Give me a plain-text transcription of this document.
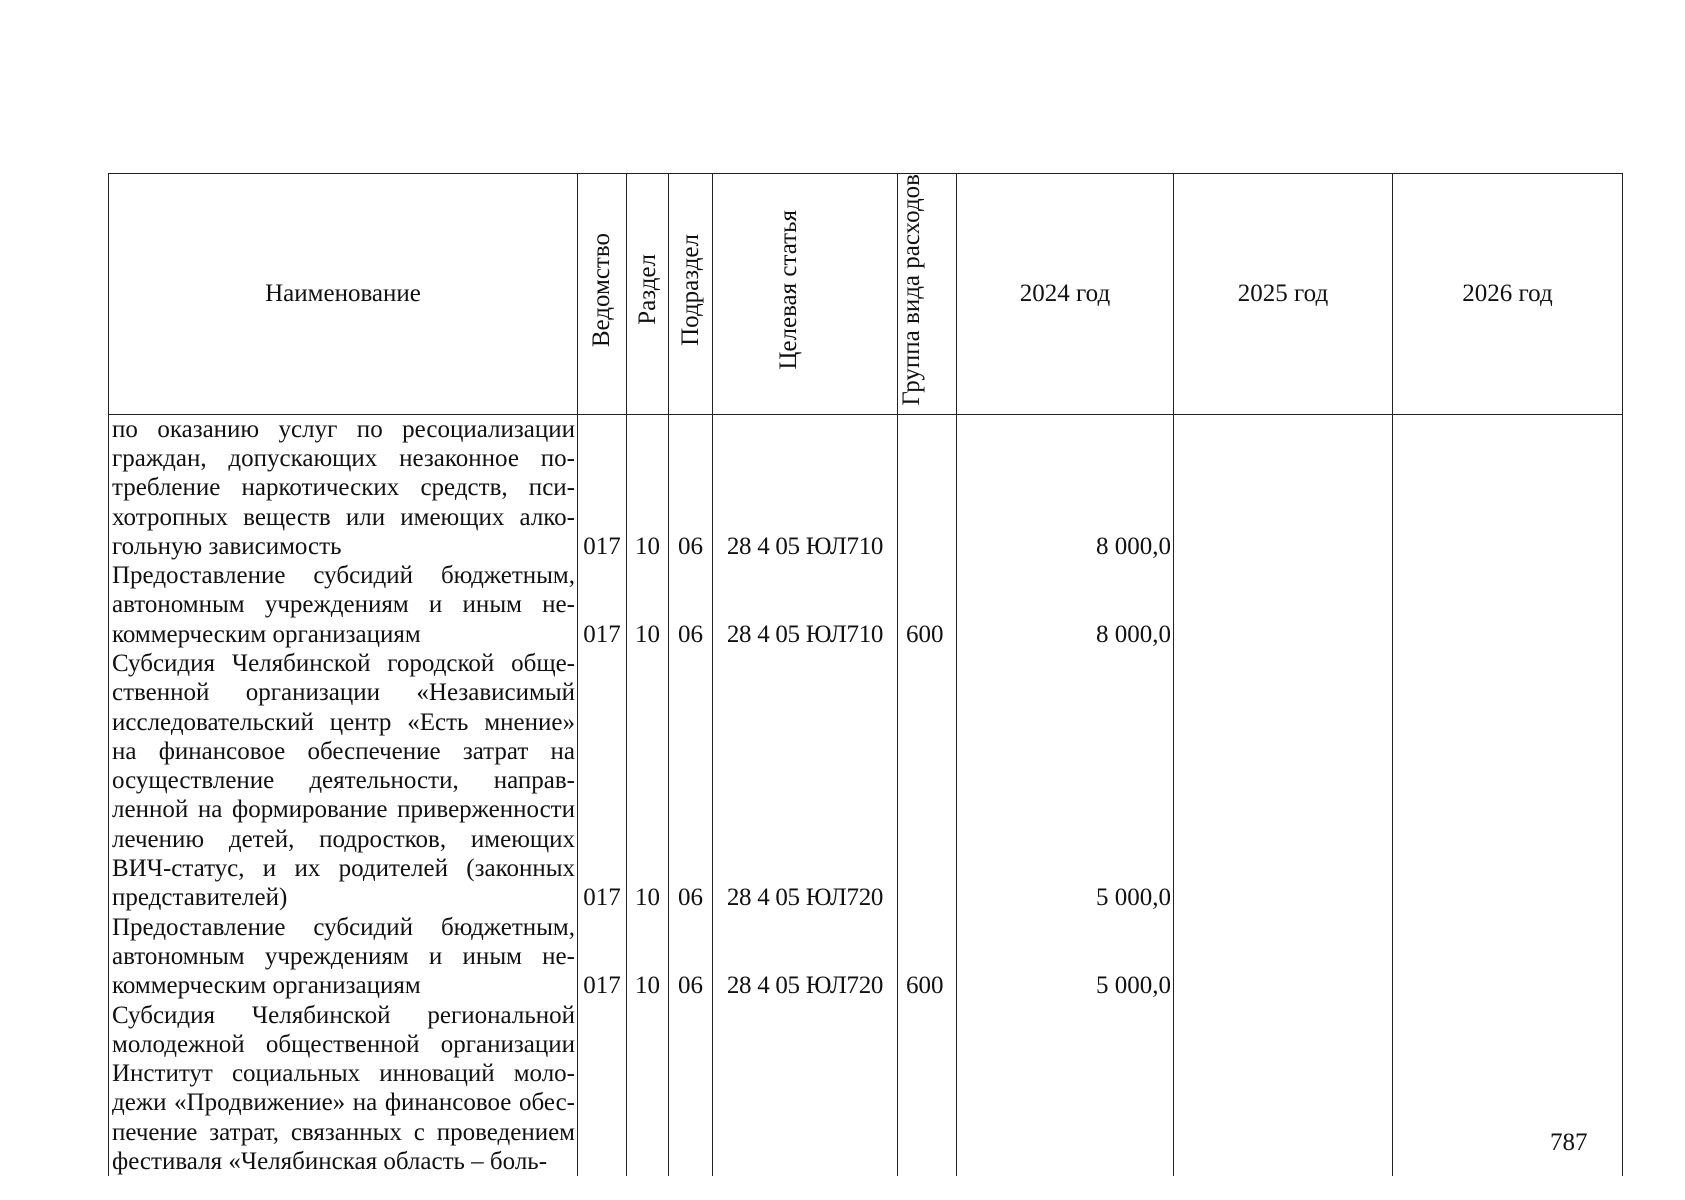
Наименование	Ведомство	Раздел	Подраздел	Целевая статья	Группа вида расходов	2024 год	2025 год	2026 год
по оказанию услуг по ресоциализации граждан, допускающих незаконное потребление наркотических средств, психотропных веществ или имеющих алкогольную зависимость	017	10	06	28 4 05 ЮЛ710		8 000,0		
Предоставление субсидий бюджетным, автономным учреждениям и иным некоммерческим организациям	017	10	06	28 4 05 ЮЛ710	600	8 000,0		
Субсидия Челябинской городской общественной организации «Независимый исследовательский центр «Есть мнение» на финансовое обеспечение затрат на осуществление деятельности, направленной на формирование приверженности лечению детей, подростков, имеющих ВИЧ-статус, и их родителей (законных представителей)	017	10	06	28 4 05 ЮЛ720		5 000,0		
Предоставление субсидий бюджетным, автономным учреждениям и иным некоммерческим организациям	017	10	06	28 4 05 ЮЛ720	600	5 000,0		
Субсидия Челябинской региональной молодежной общественной организации Институт социальных инноваций молодежи «Продвижение» на финансовое обеспечение затрат, связанных с проведением фестиваля «Челябинская область – боль-								
787
